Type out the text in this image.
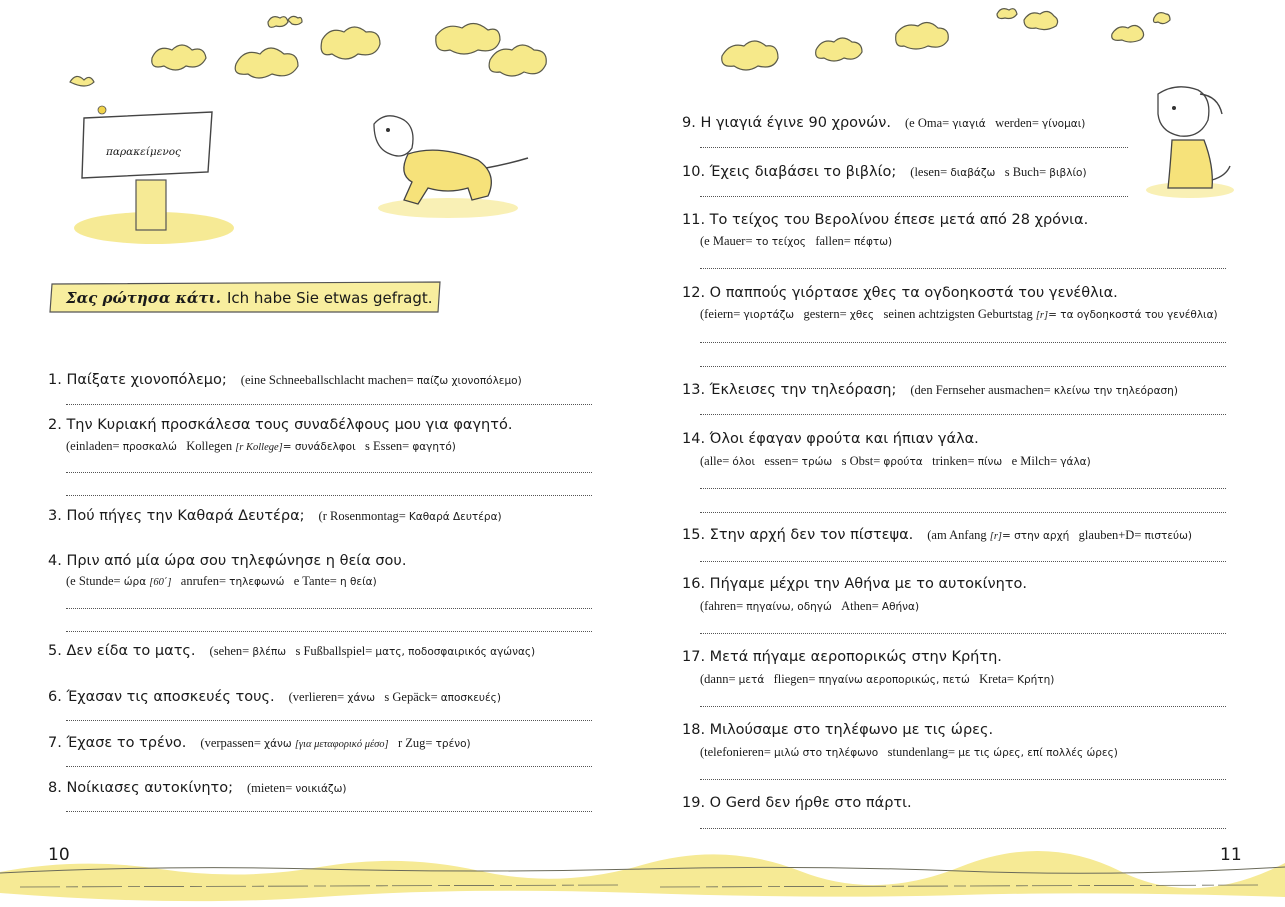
παρακείμενος
Σας ρώτησα κάτι. Ich habe Sie etwas gefragt.
1. Παίξατε χιονοπόλεμο; (eine Schneeballschlacht machen= παίζω χιονοπόλεμο)
2. Την Κυριακή προσκάλεσα τους συναδέλφους μου για φαγητό.
(einladen= προσκαλώ Kollegen [r Kollege]= συνάδελφοι s Essen= φαγητό)
3. Πού πήγες την Καθαρά Δευτέρα; (r Rosenmontag= Καθαρά Δευτέρα)
4. Πριν από μία ώρα σου τηλεφώνησε η θεία σου.
(e Stunde= ώρα [60΄] anrufen= τηλεφωνώ e Tante= η θεία)
5. Δεν είδα το ματς. (sehen= βλέπω s Fußballspiel= ματς, ποδοσφαιρικός αγώνας)
6. Έχασαν τις αποσκευές τους. (verlieren= χάνω s Gepäck= αποσκευές)
7. Έχασε το τρένο. (verpassen= χάνω [για μεταφορικό μέσο] r Zug= τρένο)
8. Νοίκιασες αυτοκίνητο; (mieten= νοικιάζω)
10
9. Η γιαγιά έγινε 90 χρονών. (e Oma= γιαγιά werden= γίνομαι)
10. Έχεις διαβάσει το βιβλίο; (lesen= διαβάζω s Buch= βιβλίο)
11. Το τείχος του Βερολίνου έπεσε μετά από 28 χρόνια.
(e Mauer= το τείχος fallen= πέφτω)
12. Ο παππούς γιόρτασε χθες τα ογδοηκοστά του γενέθλια.
(feiern= γιορτάζω gestern= χθες seinen achtzigsten Geburtstag [r]= τα ογδοηκοστά του γενέθλια)
13. Έκλεισες την τηλεόραση; (den Fernseher ausmachen= κλείνω την τηλεόραση)
14. Όλοι έφαγαν φρούτα και ήπιαν γάλα.
(alle= όλοι essen= τρώω s Obst= φρούτα trinken= πίνω e Milch= γάλα)
15. Στην αρχή δεν τον πίστεψα. (am Anfang [r]= στην αρχή glauben+D= πιστεύω)
16. Πήγαμε μέχρι την Αθήνα με το αυτοκίνητο.
(fahren= πηγαίνω, οδηγώ Athen= Αθήνα)
17. Μετά πήγαμε αεροπορικώς στην Κρήτη.
(dann= μετά fliegen= πηγαίνω αεροπορικώς, πετώ Kreta= Κρήτη)
18. Μιλούσαμε στο τηλέφωνο με τις ώρες.
(telefonieren= μιλώ στο τηλέφωνο stundenlang= με τις ώρες, επί πολλές ώρες)
19. Ο Gerd δεν ήρθε στο πάρτι.
11
